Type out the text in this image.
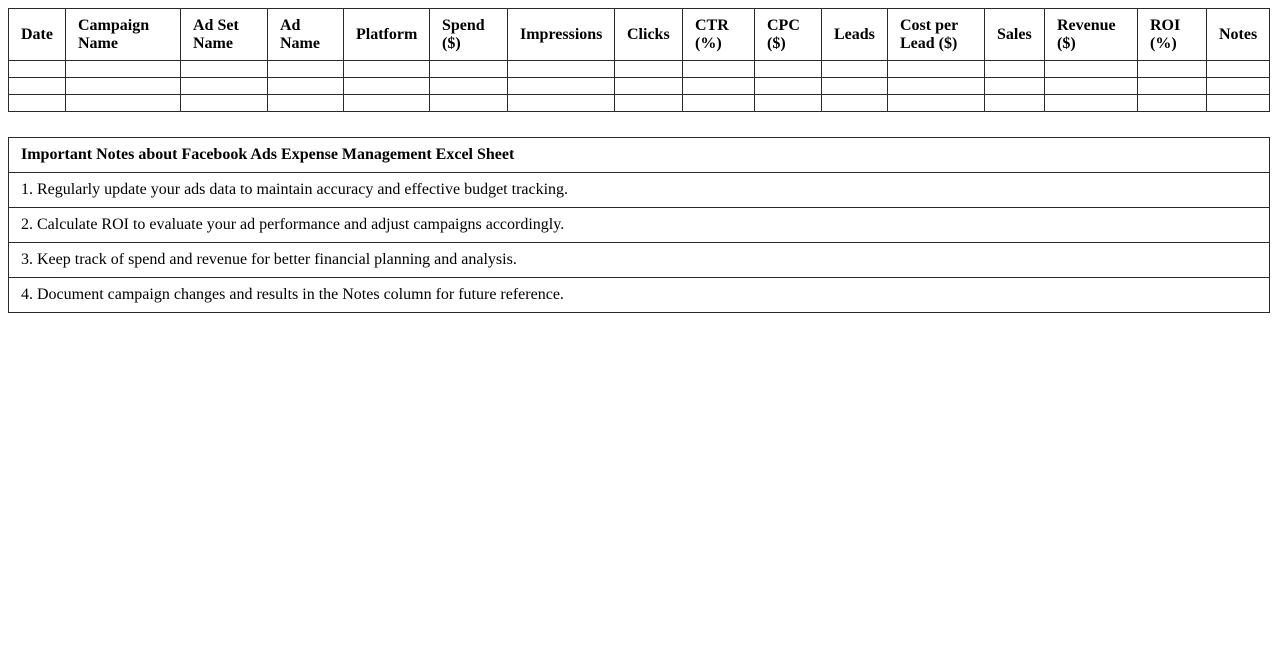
Date	Campaign Name	Ad Set Name	Ad Name	Platform	Spend ($)	Impressions	Clicks	CTR (%)	CPC ($)	Leads	Cost per Lead ($)	Sales	Revenue ($)	ROI (%)	Notes

Important Notes about Facebook Ads Expense Management Excel Sheet
1. Regularly update your ads data to maintain accuracy and effective budget tracking.
2. Calculate ROI to evaluate your ad performance and adjust campaigns accordingly.
3. Keep track of spend and revenue for better financial planning and analysis.
4. Document campaign changes and results in the Notes column for future reference.
